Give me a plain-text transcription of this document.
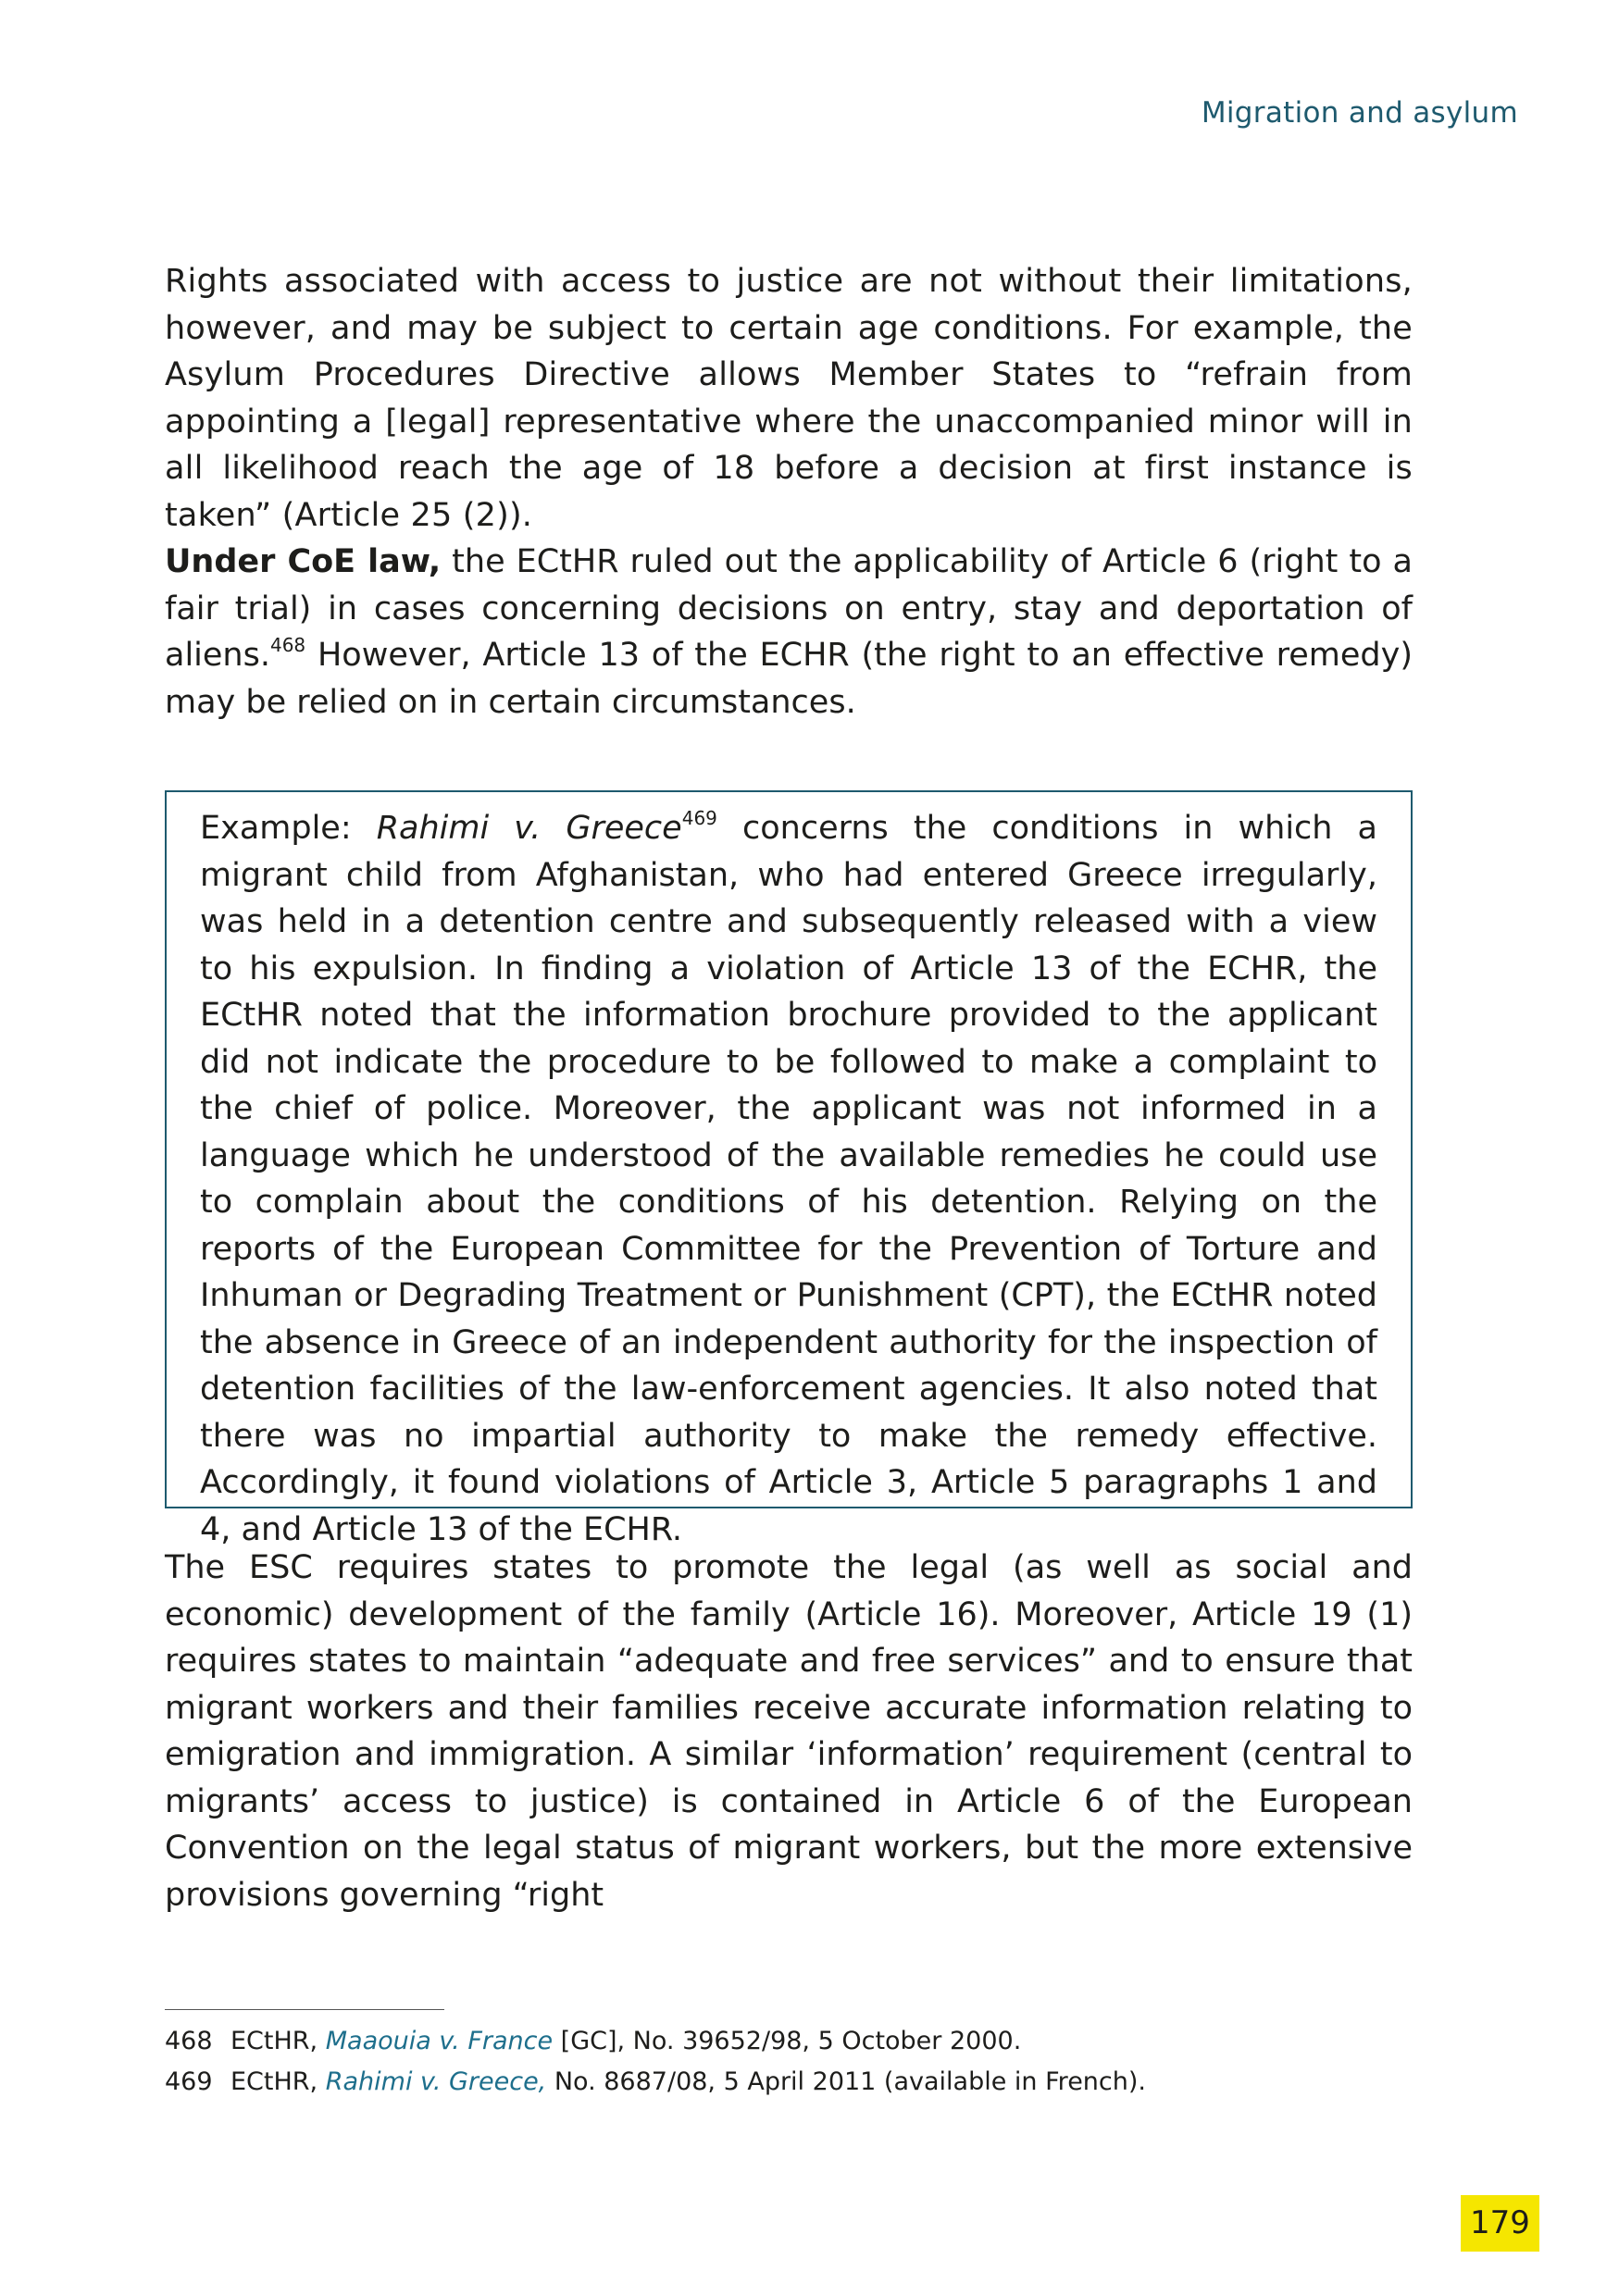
Migration and asylum

Rights associated with access to justice are not without their limitations, however, and may be subject to certain age conditions. For example, the Asylum Procedures Directive allows Member States to “refrain from appointing a [legal] representative where the unaccompanied minor will in all likelihood reach the age of 18 before a decision at first instance is taken” (Article 25 (2)).

Under CoE law, the ECtHR ruled out the applicability of Article 6 (right to a fair trial) in cases concerning decisions on entry, stay and deportation of aliens.$^{468}$ However, Article 13 of the ECHR (the right to an effective remedy) may be relied on in certain circumstances.

Example: Rahimi v. Greece$^{469}$ concerns the conditions in which a migrant child from Afghanistan, who had entered Greece irregularly, was held in a detention centre and subsequently released with a view to his expulsion. In finding a violation of Article 13 of the ECHR, the ECtHR noted that the information brochure provided to the applicant did not indicate the procedure to be followed to make a complaint to the chief of police. Moreover, the applicant was not informed in a language which he understood of the available remedies he could use to complain about the conditions of his detention. Relying on the reports of the European Committee for the Prevention of Torture and Inhuman or Degrading Treatment or Punishment (CPT), the ECtHR noted the absence in Greece of an independent authority for the inspection of detention facilities of the law-enforcement agencies. It also noted that there was no impartial authority to make the remedy effective. Accordingly, it found violations of Article 3, Article 5 paragraphs 1 and 4, and Article 13 of the ECHR.

The ESC requires states to promote the legal (as well as social and economic) development of the family (Article 16). Moreover, Article 19 (1) requires states to maintain “adequate and free services” and to ensure that migrant workers and their families receive accurate information relating to emigration and immigration. A similar ‘information’ requirement (central to migrants’ access to justice) is contained in Article 6 of the European Convention on the legal status of migrant workers, but the more extensive provisions governing “right

468 ECtHR, Maaouia v. France [GC], No. 39652/98, 5 October 2000.
469 ECtHR, Rahimi v. Greece, No. 8687/08, 5 April 2011 (available in French).
179
